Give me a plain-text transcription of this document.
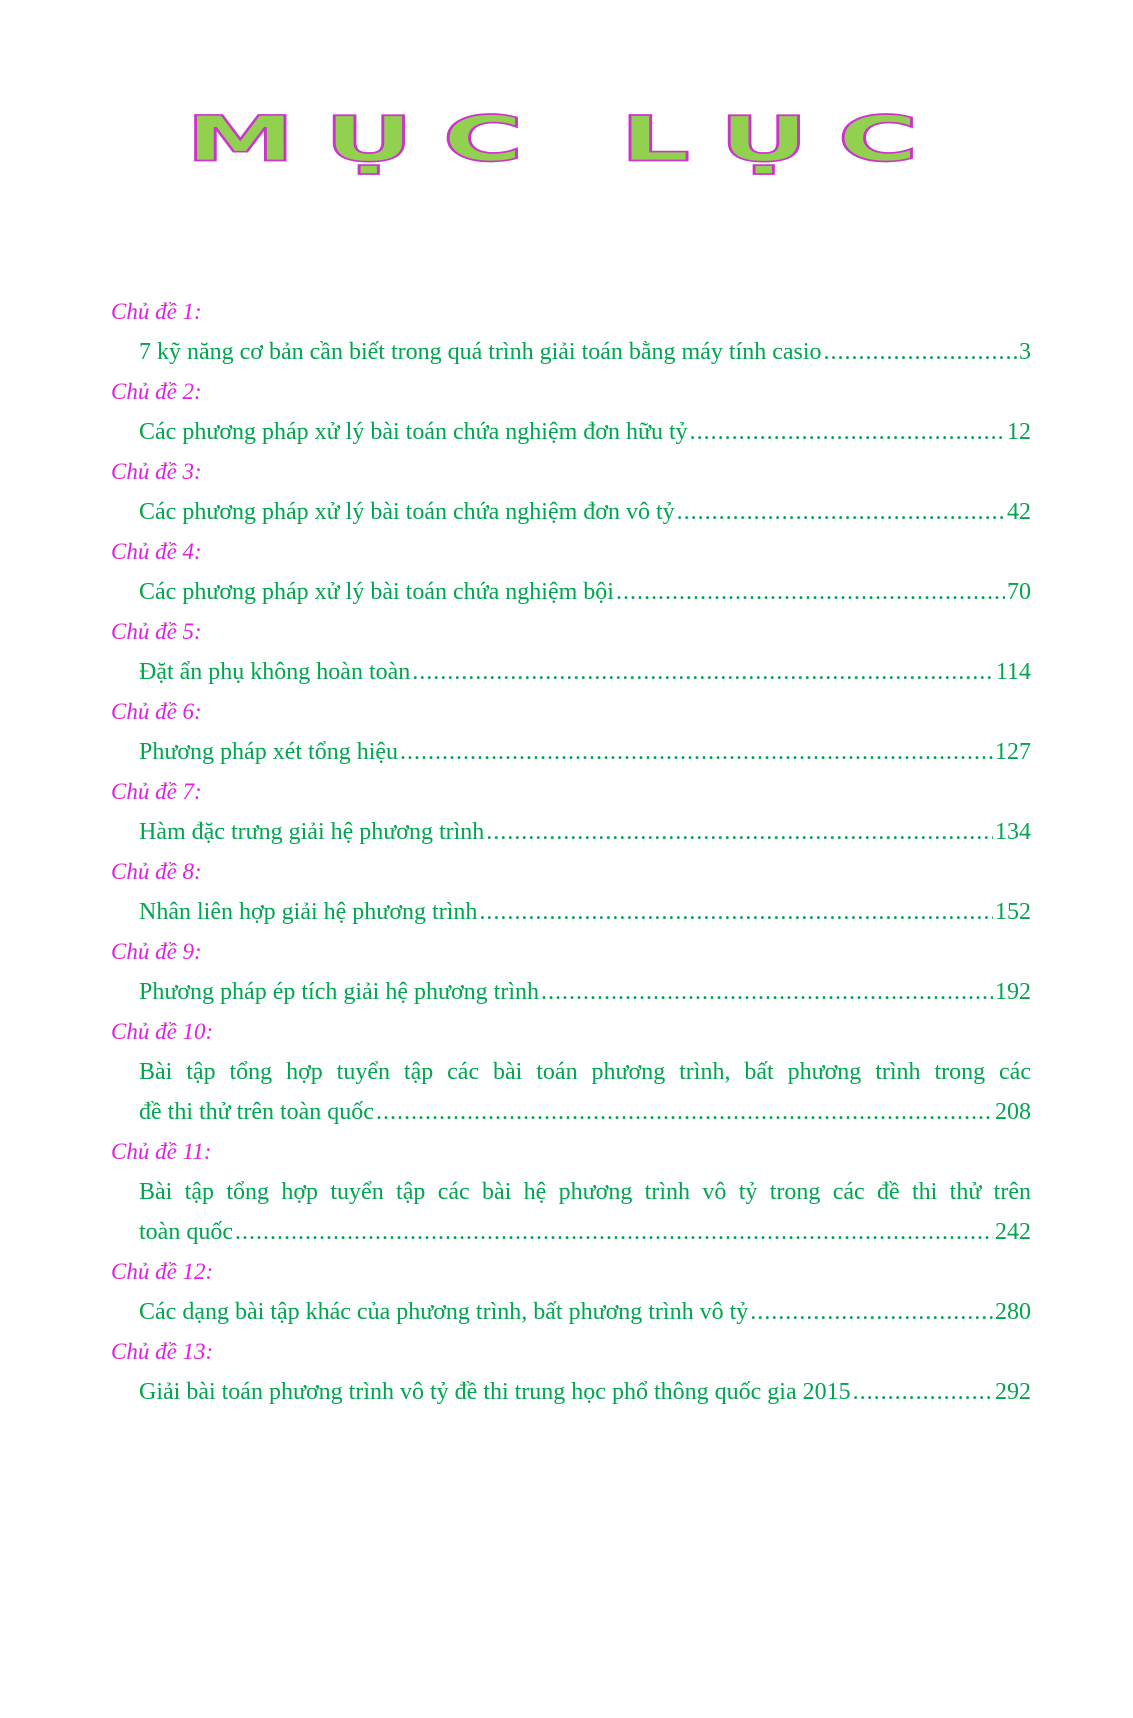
MỤC LỤC
Chủ đề 1:
7 kỹ năng cơ bản cần biết trong quá trình giải toán bằng máy tính casio .....	3
Chủ đề 2:
Các phương pháp xử lý bài toán chứa nghiệm đơn hữu tỷ .....	12
Chủ đề 3:
Các phương pháp xử lý bài toán chứa nghiệm đơn vô tỷ .....	42
Chủ đề 4:
Các phương pháp xử lý bài toán chứa nghiệm bội .....	70
Chủ đề 5:
Đặt ẩn phụ không hoàn toàn .....	114
Chủ đề 6:
Phương pháp xét tổng hiệu .....	127
Chủ đề 7:
Hàm đặc trưng giải hệ phương trình .....	134
Chủ đề 8:
Nhân liên hợp giải hệ phương trình .....	152
Chủ đề 9:
Phương pháp ép tích giải hệ phương trình .....	192
Chủ đề 10:
Bài tập tổng hợp tuyển tập các bài toán phương trình, bất phương trình trong các
đề thi thử trên toàn quốc .....	208
Chủ đề 11:
Bài tập tổng hợp tuyển tập các bài hệ phương trình vô tỷ trong các đề thi thử trên
toàn quốc .....	242
Chủ đề 12:
Các dạng bài tập khác của phương trình, bất phương trình vô tỷ .....	280
Chủ đề 13:
Giải bài toán phương trình vô tỷ đề thi trung học phổ thông quốc gia 2015 .....	292
